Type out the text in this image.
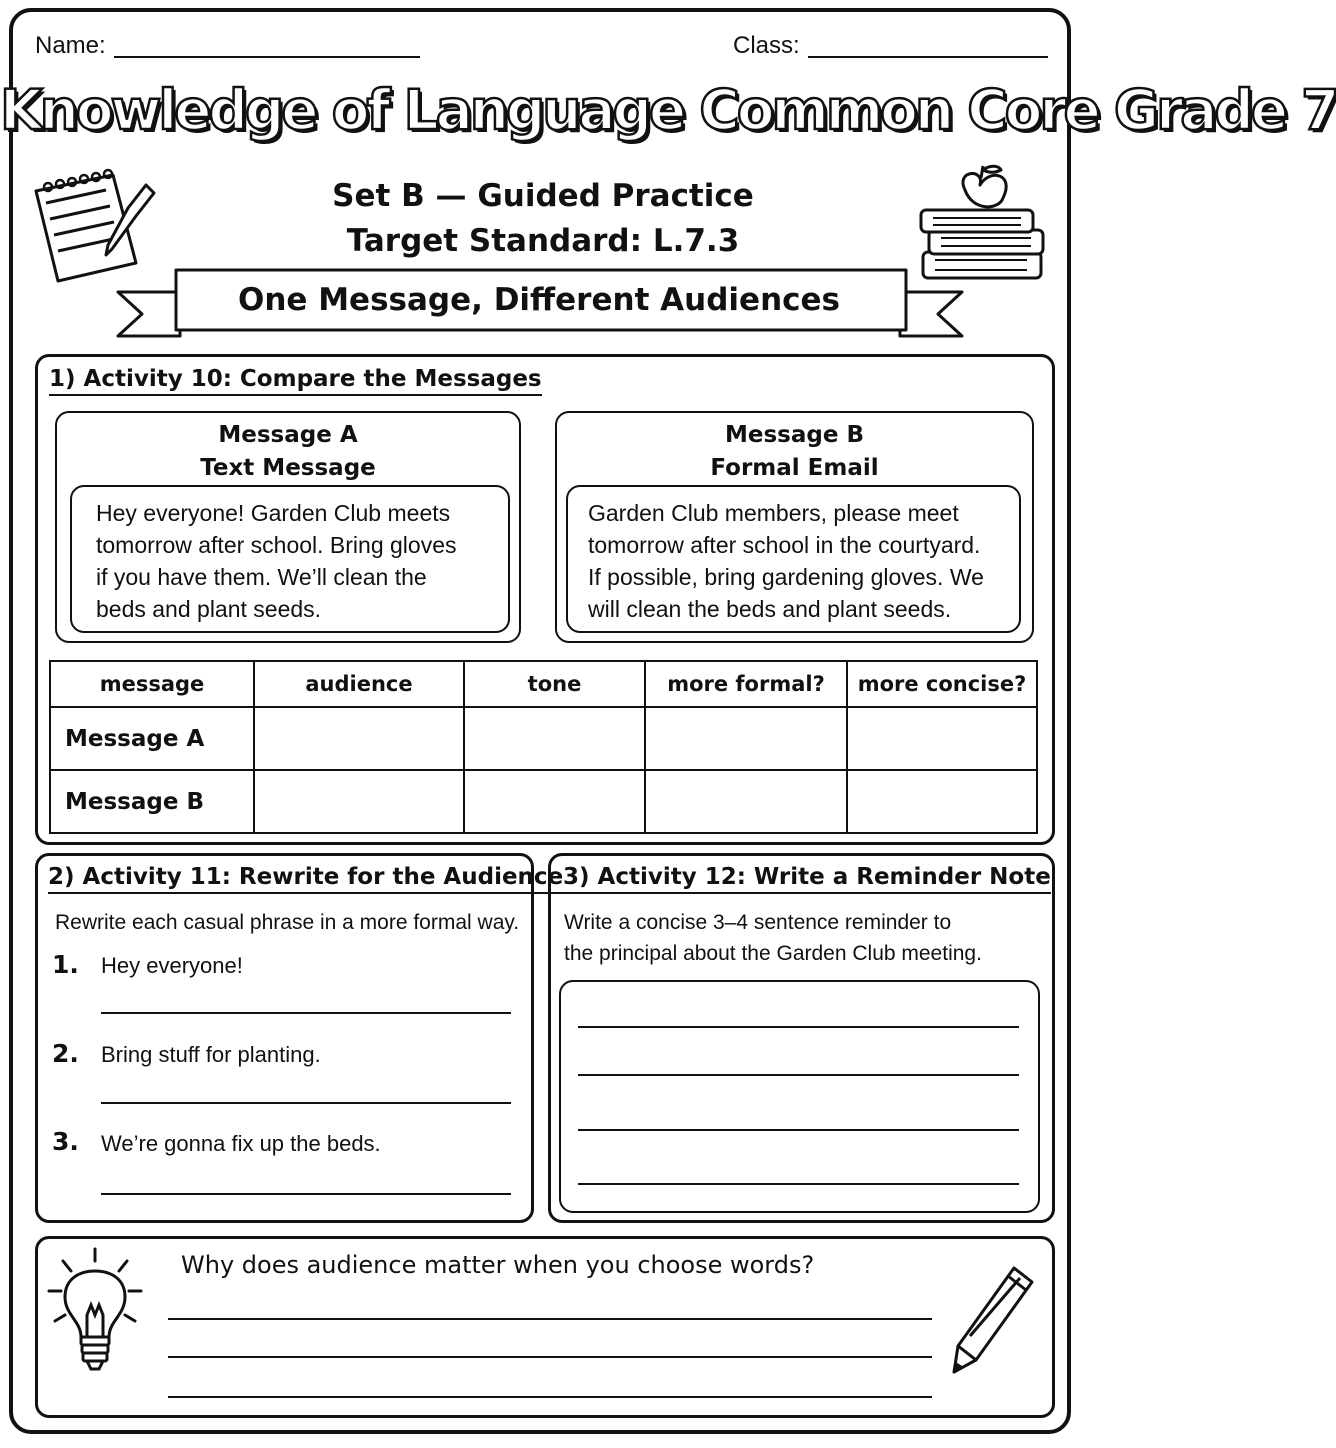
Name:	Class:
Knowledge of Language Common Core Grade 7
Set B — Guided Practice
Target Standard: L.7.3
One Message, Different Audiences
1) Activity 10: Compare the Messages
Message A
Text Message
Hey everyone! Garden Club meets
tomorrow after school. Bring gloves
if you have them. We’ll clean the
beds and plant seeds.
Message B
Formal Email
Garden Club members, please meet
tomorrow after school in the courtyard.
If possible, bring gardening gloves. We
will clean the beds and plant seeds.
message	audience	tone	more formal?	more concise?
Message A				
Message B				
2) Activity 11: Rewrite for the Audience
Rewrite each casual phrase in a more formal way.
1. Hey everyone!
2. Bring stuff for planting.
3. We’re gonna fix up the beds.
3) Activity 12: Write a Reminder Note
Write a concise 3–4 sentence reminder to
the principal about the Garden Club meeting.
Why does audience matter when you choose words?
